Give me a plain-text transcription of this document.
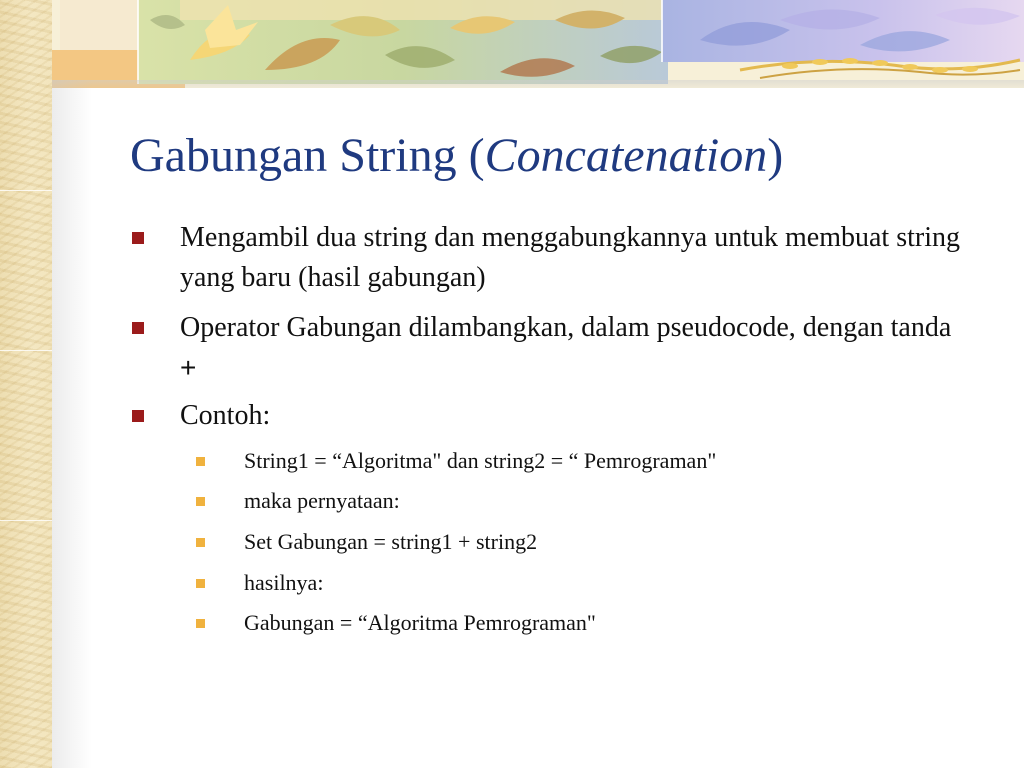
Gabungan String (Concatenation)
Mengambil dua string dan menggabungkannya untuk membuat string yang baru (hasil gabungan)
Operator Gabungan dilambangkan, dalam pseudocode, dengan tanda +
Contoh:
String1 = “Algoritma" dan string2 = “ Pemrograman"
maka pernyataan:
Set Gabungan = string1 + string2
hasilnya:
Gabungan = “Algoritma Pemrograman"
